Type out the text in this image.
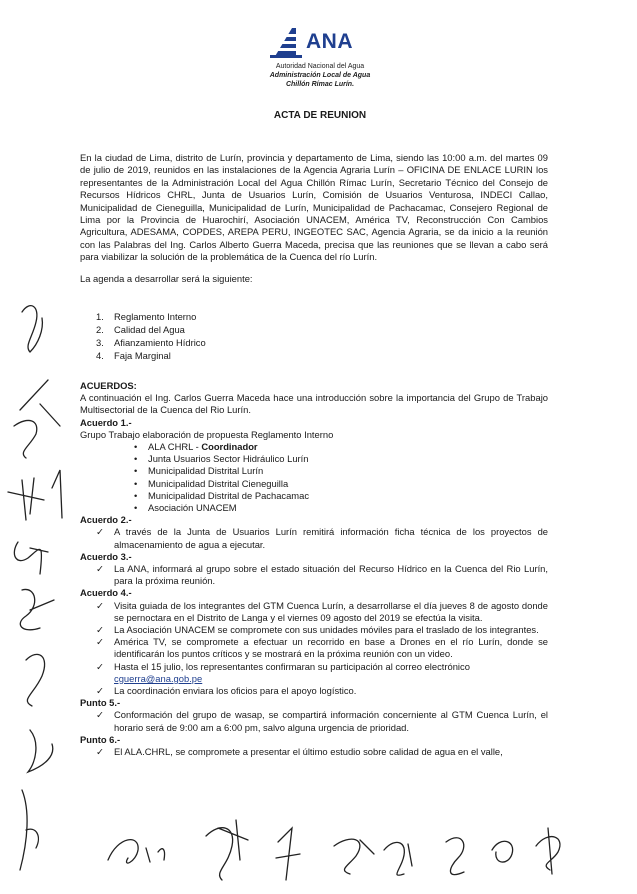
ANA
Autoridad Nacional del Agua
Administración Local de Agua
Chillón Rímac Lurín.
ACTA DE REUNION

En la ciudad de Lima, distrito de Lurín, provincia y departamento de Lima, siendo las 10:00 a.m. del martes 09 de julio de 2019, reunidos en las instalaciones de la Agencia Agraria Lurín – OFICINA DE ENLACE LURIN los representantes de la Administración Local del Agua Chillón Rímac Lurín, Secretario Técnico del Consejo de Recursos Hídricos CHRL, Junta de Usuarios Lurín, Comisión de Usuarios Venturosa, INDECI Callao, Municipalidad de Cieneguilla, Municipalidad de Lurín, Municipalidad de Pachacamac, Consejero Regional de Lima por la Provincia de Huarochirí, Asociación UNACEM, América TV, Reconstrucción Con Cambios Agricultura, ADESAMA, COPDES, AREPA PERU, INGEOTEC SAC, Agencia Agraria, se da inicio a la reunión con las Palabras del Ing. Carlos Alberto Guerra Maceda, precisa que las reuniones que se llevan a cabo será para viabilizar la solución de la problemática de la Cuenca del río Lurín.

La agenda a desarrollar será la siguiente:

1. Reglamento Interno
2. Calidad del Agua
3. Afianzamiento Hídrico
4. Faja Marginal
ACUERDOS:
A continuación el Ing. Carlos Guerra Maceda hace una introducción sobre la importancia del Grupo de Trabajo Multisectorial de la Cuenca del Rio Lurín.
Acuerdo 1.-
Grupo Trabajo elaboración de propuesta Reglamento Interno
• ALA CHRL - Coordinador
• Junta Usuarios Sector Hidráulico Lurín
• Municipalidad Distrital Lurín
• Municipalidad Distrital Cieneguilla
• Municipalidad Distrital de Pachacamac
• Asociación UNACEM
Acuerdo 2.-
✓ A través de la Junta de Usuarios Lurín remitirá información ficha técnica de los proyectos de almacenamiento de agua a ejecutar.
Acuerdo 3.-
✓ La ANA, informará al grupo sobre el estado situación del Recurso Hídrico en la Cuenca del Rio Lurín, para la próxima reunión.
Acuerdo 4.-
✓ Visita guiada de los integrantes del GTM Cuenca Lurín, a desarrollarse el día jueves 8 de agosto donde se pernoctara en el Distrito de Langa y el viernes 09 agosto del 2019 se efectúa la visita.
✓ La Asociación UNACEM se compromete con sus unidades móviles para el traslado de los integrantes.
✓ América TV, se compromete a efectuar un recorrido en base a Drones en el río Lurín, donde se identificarán los puntos críticos y se mostrará en la próxima reunión con un video.
✓ Hasta el 15 julio, los representantes confirmaran su participación al correo electrónico
cguerra@ana.gob.pe
✓ La coordinación enviara los oficios para el apoyo logístico.
Punto 5.-
✓ Conformación del grupo de wasap, se compartirá información concerniente al GTM Cuenca Lurín, el horario será de 9:00 am a 6:00 pm, salvo alguna urgencia de prioridad.
Punto 6.-
✓ El ALA.CHRL, se compromete a presentar el último estudio sobre calidad de agua en el valle,
